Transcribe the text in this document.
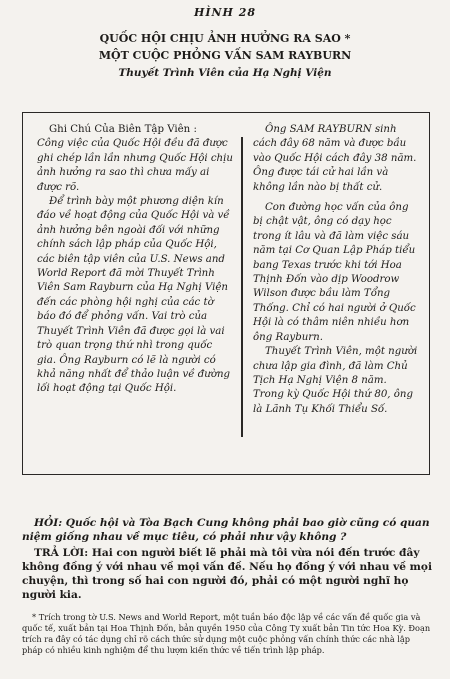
HÌNH 28
QUỐC HỘI CHỊU ẢNH HƯỞNG RA SAO *
MỘT CUỘC PHỎNG VẤN SAM RAYBURN
Thuyết Trình Viên của Hạ Nghị Viện

Ghi Chú Của Biên Tập Viên :

Công việc của Quốc Hội đều đã được ghi chép lần lần nhưng Quốc Hội chịu ảnh hưởng ra sao thì chưa mấy ai được rõ.

Để trình bày một phương diện kín đáo về hoạt động của Quốc Hội và về ảnh hưởng bên ngoài đối với những chính sách lập pháp của Quốc Hội, các biên tập viên của U.S. News and World Report đã mời Thuyết Trình Viên Sam Rayburn của Hạ Nghị Viện đến các phòng hội nghị của các tờ báo đó để phỏng vấn. Vai trò của Thuyết Trình Viên đã được gọi là vai trò quan trọng thứ nhì trong quốc gia. Ông Rayburn có lẽ là người có khả năng nhất để thảo luận về đường lối hoạt động tại Quốc Hội.

Ông SAM RAYBURN sinh cách đây 68 năm và được bầu vào Quốc Hội cách đây 38 năm. Ông được tái cử hai lần và không lần nào bị thất cử.

Con đường học vấn của ông bị chật vật, ông có dạy học trong ít lâu và đã làm việc sáu năm tại Cơ Quan Lập Pháp tiểu bang Texas trước khi tới Hoa Thịnh Đốn vào dịp Woodrow Wilson được bầu làm Tổng Thống. Chỉ có hai người ở Quốc Hội là có thâm niên nhiều hơn ông Rayburn.

Thuyết Trình Viên, một người chưa lập gia đình, đã làm Chủ Tịch Hạ Nghị Viện 8 năm. Trong kỳ Quốc Hội thứ 80, ông là Lãnh Tụ Khối Thiểu Số.

HỎI: Quốc hội và Tòa Bạch Cung không phải bao giờ cũng có quan niệm giống nhau về mục tiêu, có phải như vậy không ?
TRẢ LỜI: Hai con người biết lẽ phải mà tôi vừa nói đến trước đây không đồng ý với nhau về mọi vấn đề. Nếu họ đồng ý với nhau về mọi chuyện, thì trong số hai con người đó, phải có một người nghĩ họ người kia.

* Trích trong tờ U.S. News and World Report, một tuần báo độc lập về các vấn đề quốc gia và quốc tế, xuất bản tại Hoa Thịnh Đốn, bản quyền 1950 của Công Ty xuất bản Tin tức Hoa Kỳ. Đoạn trích ra đây có tác dụng chỉ rõ cách thức sử dụng một cuộc phỏng vấn chính thức các nhà lập pháp có nhiều kinh nghiệm để thu lượm kiến thức về tiến trình lập pháp.
